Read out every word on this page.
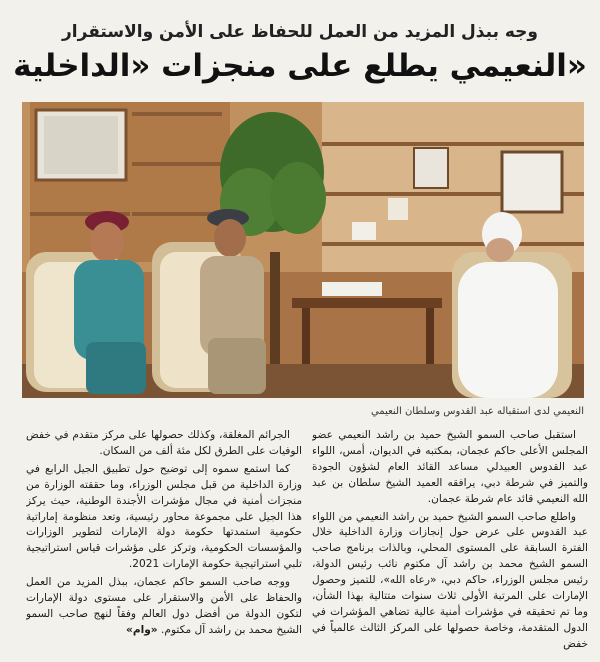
وجه ببذل المزيد من العمل للحفاظ على الأمن والاستقرار
النعيمي يطلع على منجزات «الداخلية»
النعيمي لدى استقباله عبد القدوس وسلطان النعيمي

استقبل صاحب السمو الشيخ حميد بن راشد النعيمي عضو المجلس الأعلى حاكم عجمان، بمكتبه في الديوان، أمس، اللواء عبد القدوس العبيدلي مساعد القائد العام لشؤون الجودة والتميز في شرطة دبي، يرافقه العميد الشيخ سلطان بن عبد الله النعيمي قائد عام شرطة عجمان.

واطلع صاحب السمو الشيخ حميد بن راشد النعيمي من اللواء عبد القدوس على عرض حول إنجازات وزارة الداخلية خلال الفترة السابقة على المستوى المحلي، وبالذات برنامج صاحب السمو الشيخ محمد بن راشد آل مكتوم نائب رئيس الدولة، رئيس مجلس الوزراء، حاكم دبي، «رعاه الله»، للتميز وحصول الإمارات على المرتبة الأولى ثلاث سنوات متتالية بهذا الشأن، وما تم تحقيقه في مؤشرات أمنية عالية تضاهي المؤشرات في الدول المتقدمة، وخاصة حصولها على المركز الثالث عالمياً في خفض

الجرائم المغلقة، وكذلك حصولها على مركز متقدم في خفض الوفيات على الطرق لكل مئة ألف من السكان.

كما استمع سموه إلى توضيح حول تطبيق الجيل الرابع في وزارة الداخلية من قبل مجلس الوزراء، وما حققته الوزارة من منجزات أمنية في مجال مؤشرات الأجندة الوطنية، حيث يركز هذا الجيل على مجموعة محاور رئيسية، وتعد منظومة إماراتية حكومية استمدتها حكومة دولة الإمارات لتطوير الوزارات والمؤسسات الحكومية، وتركز على مؤشرات قياس استراتيجية تلبي استراتيجية حكومة الإمارات 2021.

ووجه صاحب السمو حاكم عجمان، ببذل المزيد من العمل والحفاظ على الأمن والاستقرار على مستوى دولة الإمارات لتكون الدولة من أفضل دول العالم وفقاً لنهج صاحب السمو الشيخ محمد بن راشد آل مكتوم. «وام»
